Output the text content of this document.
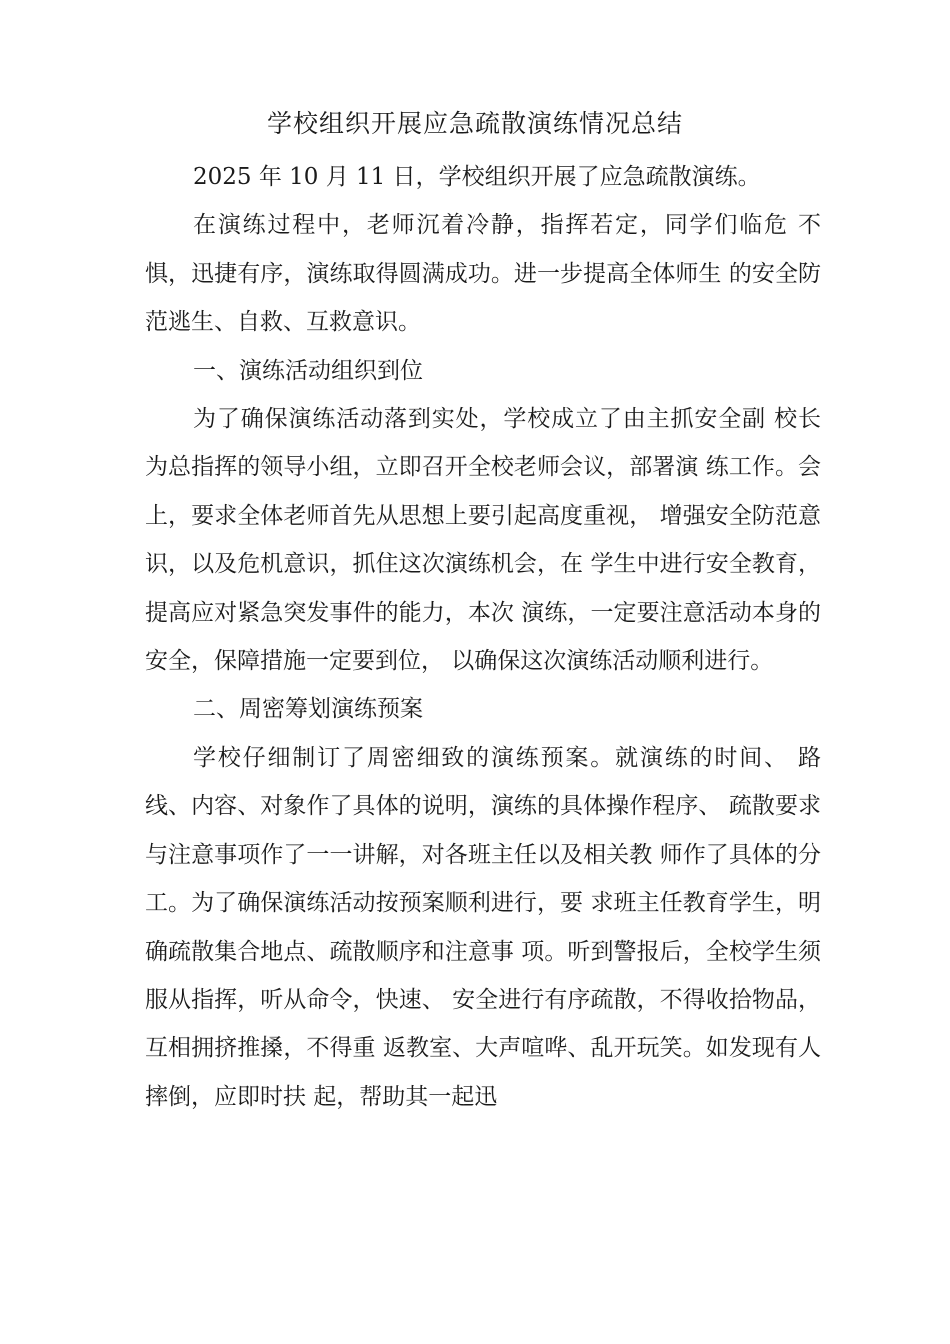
学校组织开展应急疏散演练情况总结

2025 年 10 月 11 日，学校组织开展了应急疏散演练。

在演练过程中，老师沉着冷静，指挥若定，同学们临危 不惧，迅捷有序，演练取得圆满成功。进一步提高全体师生 的安全防范逃生、自救、互救意识。

一、演练活动组织到位

为了确保演练活动落到实处，学校成立了由主抓安全副 校长为总指挥的领导小组，立即召开全校老师会议，部署演 练工作。会上，要求全体老师首先从思想上要引起高度重视， 增强安全防范意识，以及危机意识，抓住这次演练机会，在 学生中进行安全教育，提高应对紧急突发事件的能力，本次 演练，一定要注意活动本身的安全，保障措施一定要到位， 以确保这次演练活动顺利进行。

二、周密筹划演练预案

学校仔细制订了周密细致的演练预案。就演练的时间、 路线、内容、对象作了具体的说明，演练的具体操作程序、 疏散要求与注意事项作了一一讲解，对各班主任以及相关教 师作了具体的分工。为了确保演练活动按预案顺利进行，要 求班主任教育学生，明确疏散集合地点、疏散顺序和注意事 项。听到警报后，全校学生须服从指挥，听从命令，快速、 安全进行有序疏散，不得收拾物品，互相拥挤推搡，不得重 返教室、大声喧哗、乱开玩笑。如发现有人摔倒，应即时扶 起，帮助其一起迅
